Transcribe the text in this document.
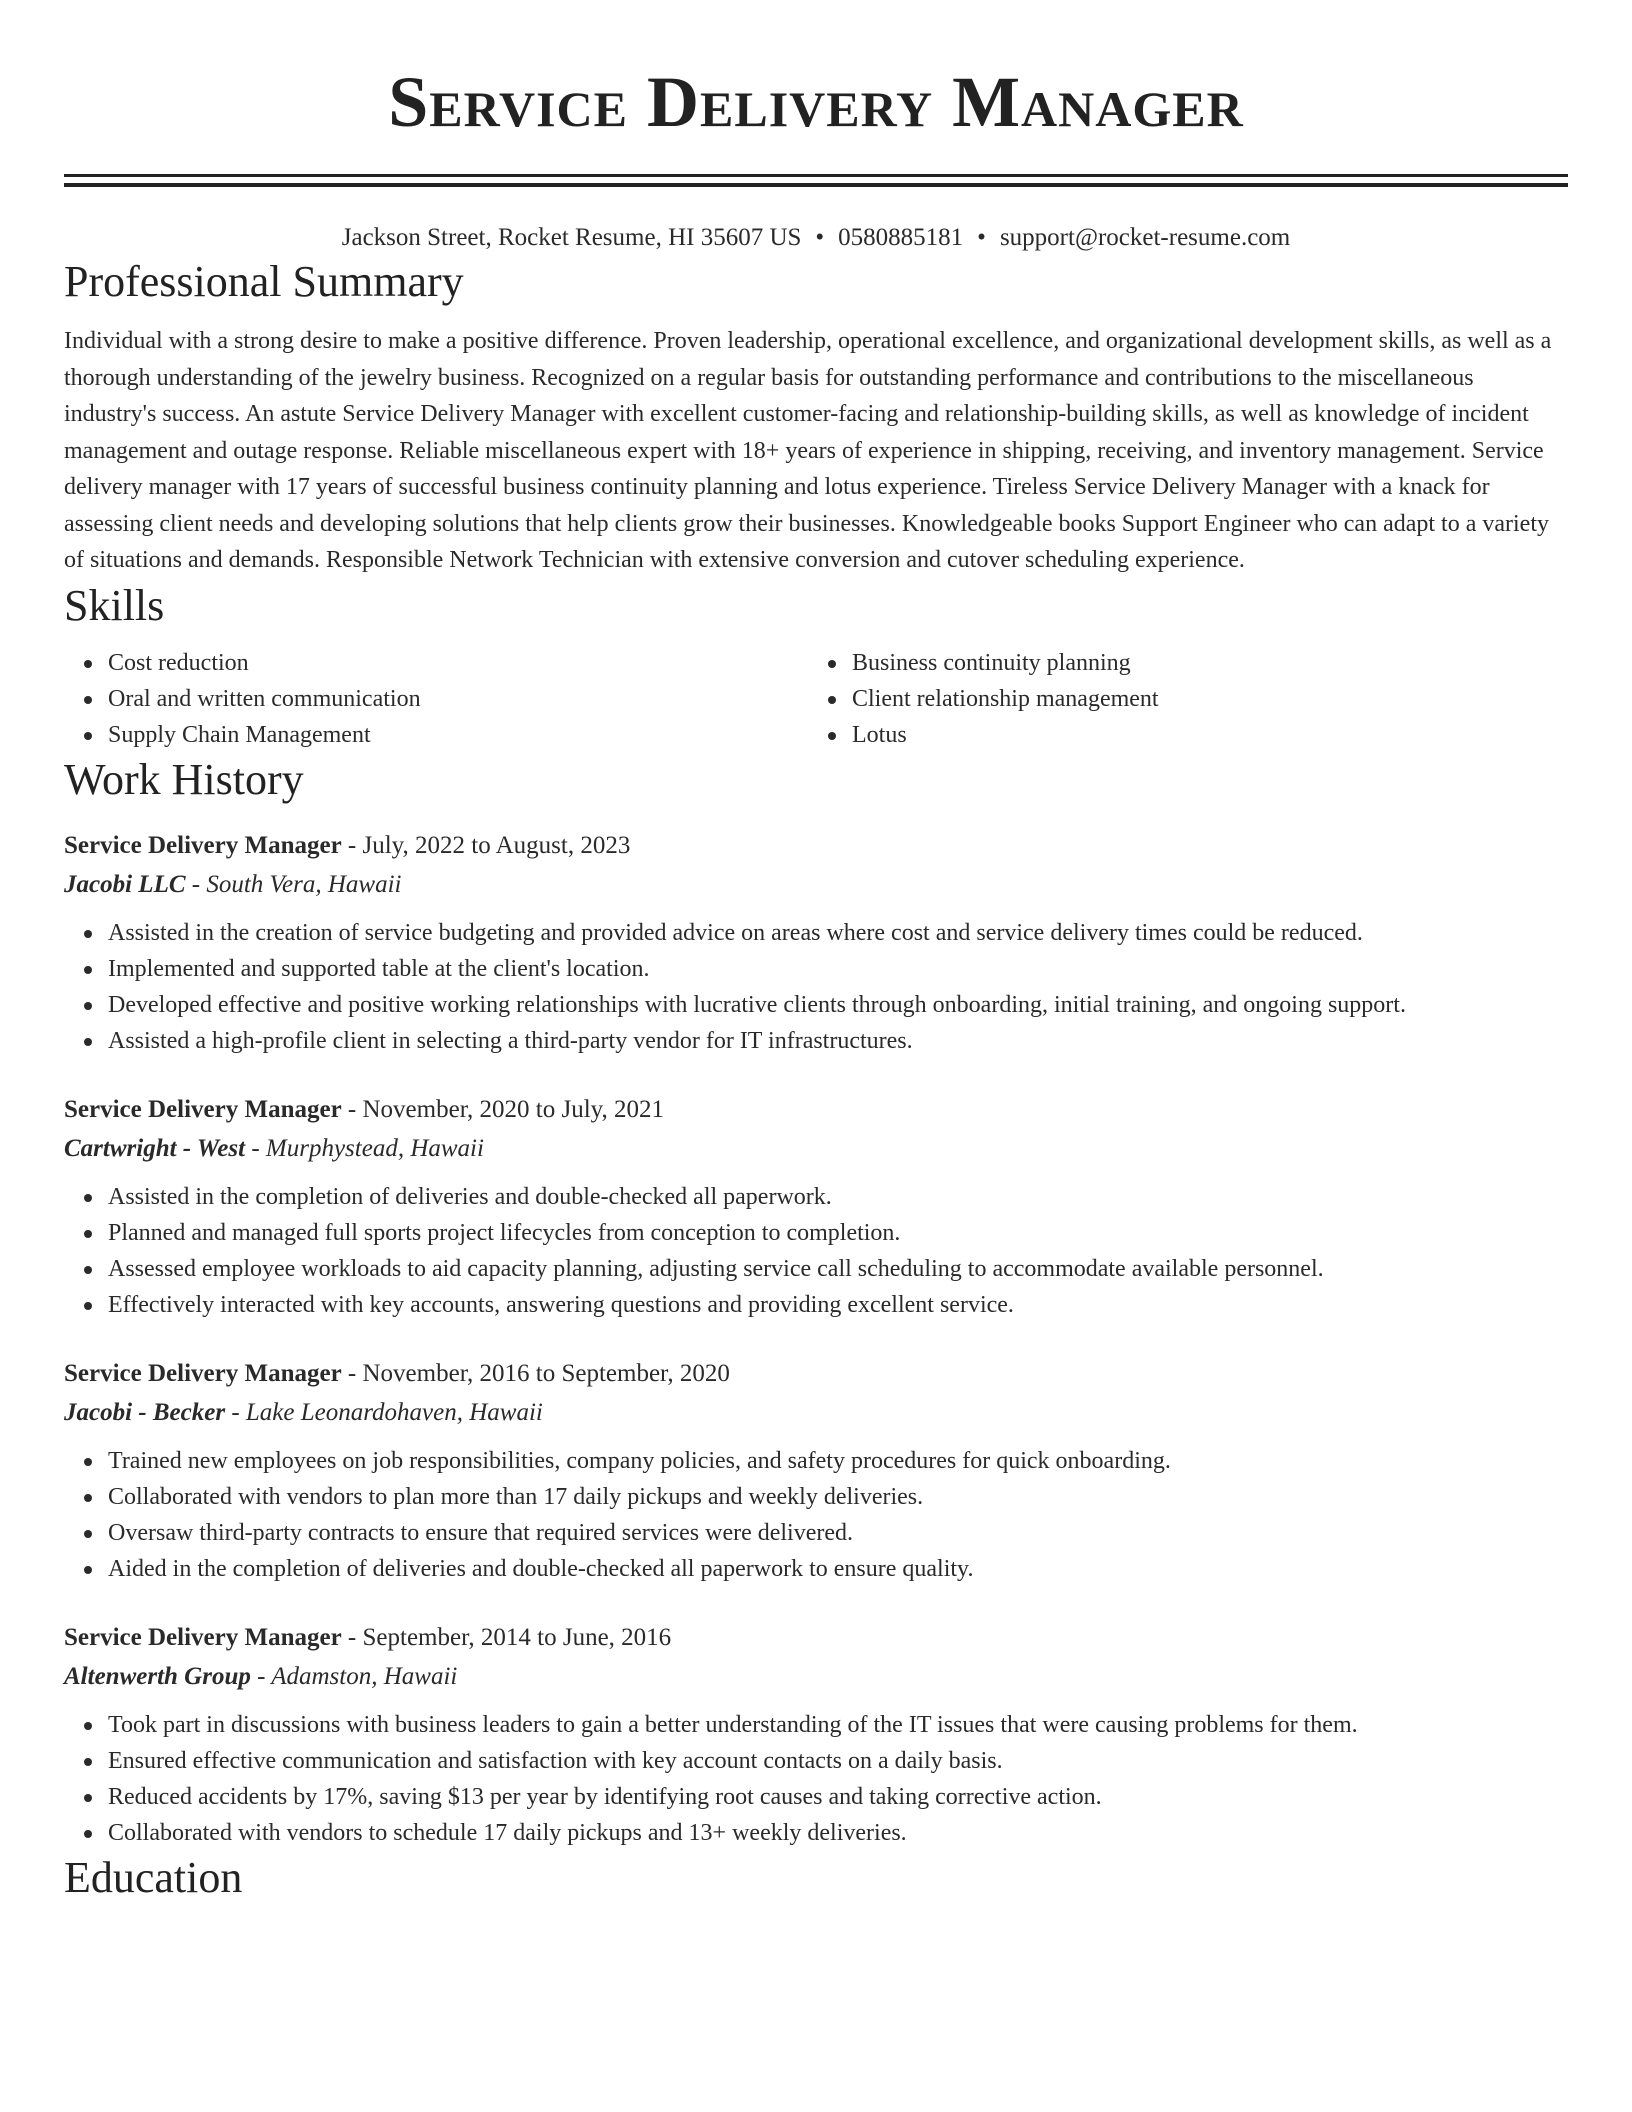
Service Delivery Manager
Jackson Street, Rocket Resume, HI 35607 US • 0580885181 • support@rocket-resume.com
Professional Summary
Individual with a strong desire to make a positive difference. Proven leadership, operational excellence, and organizational development skills, as well as a thorough understanding of the jewelry business. Recognized on a regular basis for outstanding performance and contributions to the miscellaneous industry's success. An astute Service Delivery Manager with excellent customer-facing and relationship-building skills, as well as knowledge of incident management and outage response. Reliable miscellaneous expert with 18+ years of experience in shipping, receiving, and inventory management. Service delivery manager with 17 years of successful business continuity planning and lotus experience. Tireless Service Delivery Manager with a knack for assessing client needs and developing solutions that help clients grow their businesses. Knowledgeable books Support Engineer who can adapt to a variety of situations and demands. Responsible Network Technician with extensive conversion and cutover scheduling experience.
Skills
Cost reduction
Oral and written communication
Supply Chain Management
Business continuity planning
Client relationship management
Lotus
Work History
Service Delivery Manager - July, 2022 to August, 2023
Jacobi LLC - South Vera, Hawaii
Assisted in the creation of service budgeting and provided advice on areas where cost and service delivery times could be reduced.
Implemented and supported table at the client's location.
Developed effective and positive working relationships with lucrative clients through onboarding, initial training, and ongoing support.
Assisted a high-profile client in selecting a third-party vendor for IT infrastructures.
Service Delivery Manager - November, 2020 to July, 2021
Cartwright - West - Murphystead, Hawaii
Assisted in the completion of deliveries and double-checked all paperwork.
Planned and managed full sports project lifecycles from conception to completion.
Assessed employee workloads to aid capacity planning, adjusting service call scheduling to accommodate available personnel.
Effectively interacted with key accounts, answering questions and providing excellent service.
Service Delivery Manager - November, 2016 to September, 2020
Jacobi - Becker - Lake Leonardohaven, Hawaii
Trained new employees on job responsibilities, company policies, and safety procedures for quick onboarding.
Collaborated with vendors to plan more than 17 daily pickups and weekly deliveries.
Oversaw third-party contracts to ensure that required services were delivered.
Aided in the completion of deliveries and double-checked all paperwork to ensure quality.
Service Delivery Manager - September, 2014 to June, 2016
Altenwerth Group - Adamston, Hawaii
Took part in discussions with business leaders to gain a better understanding of the IT issues that were causing problems for them.
Ensured effective communication and satisfaction with key account contacts on a daily basis.
Reduced accidents by 17%, saving $13 per year by identifying root causes and taking corrective action.
Collaborated with vendors to schedule 17 daily pickups and 13+ weekly deliveries.
Education
